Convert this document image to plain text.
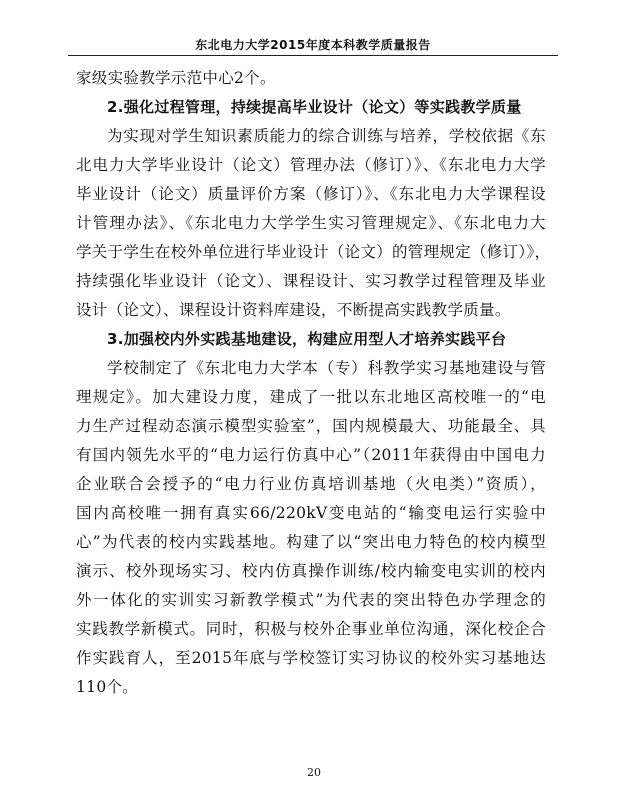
东北电力大学2015年度本科教学质量报告
家级实验教学示范中心2个。
2.强化过程管理，持续提高毕业设计（论文）等实践教学质量
为实现对学生知识素质能力的综合训练与培养，学校依据《东
北电力大学毕业设计（论文）管理办法（修订）》、《东北电力大学
毕业设计（论文）质量评价方案（修订）》、《东北电力大学课程设
计管理办法》、《东北电力大学学生实习管理规定》、《东北电力大
学关于学生在校外单位进行毕业设计（论文）的管理规定（修订）》，
持续强化毕业设计（论文）、课程设计、实习教学过程管理及毕业
设计（论文）、课程设计资料库建设，不断提高实践教学质量。
3.加强校内外实践基地建设，构建应用型人才培养实践平台
学校制定了《东北电力大学本（专）科教学实习基地建设与管
理规定》。加大建设力度，建成了一批以东北地区高校唯一的“电
力生产过程动态演示模型实验室”，国内规模最大、功能最全、具
有国内领先水平的“电力运行仿真中心”（2011年获得由中国电力
企业联合会授予的“电力行业仿真培训基地（火电类）”资质），
国内高校唯一拥有真实66/220kV变电站的“输变电运行实验中
心”为代表的校内实践基地。构建了以“突出电力特色的校内模型
演示、校外现场实习、校内仿真操作训练/校内输变电实训的校内
外一体化的实训实习新教学模式”为代表的突出特色办学理念的
实践教学新模式。同时，积极与校外企事业单位沟通，深化校企合
作实践育人，至2015年底与学校签订实习协议的校外实习基地达
110个。
20
